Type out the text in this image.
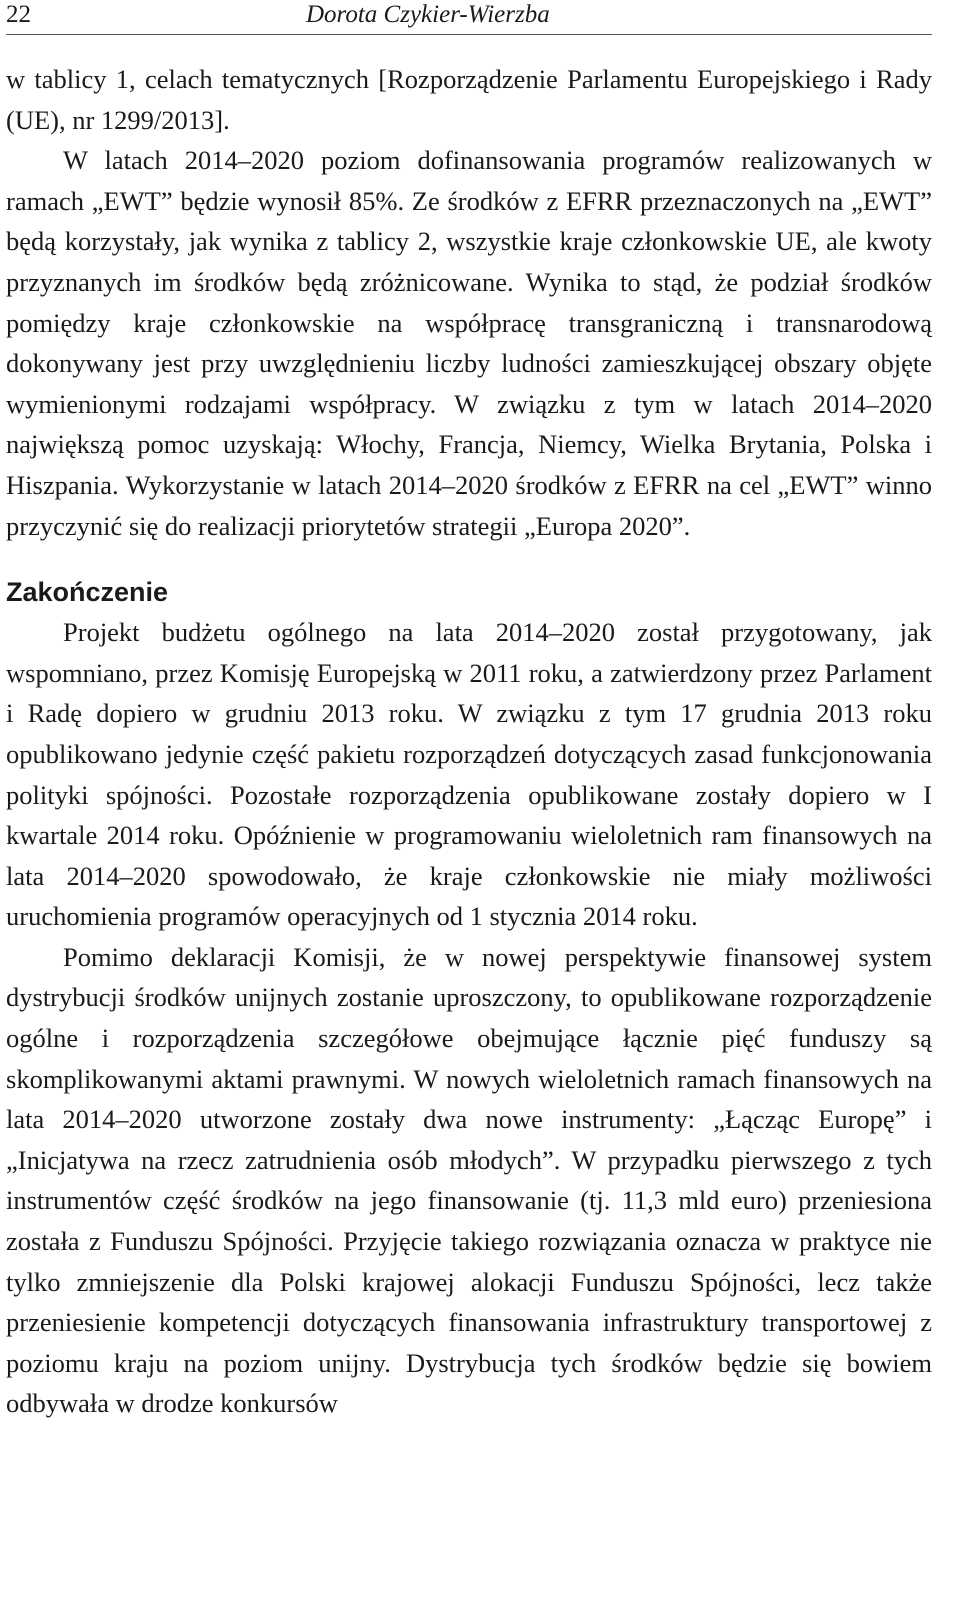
22	Dorota Czykier-Wierzba

w tablicy 1, celach tematycznych [Rozporządzenie Parlamentu Europejskiego i Rady (UE), nr 1299/2013].

W latach 2014–2020 poziom dofinansowania programów realizowanych w ramach „EWT” będzie wynosił 85%. Ze środków z EFRR przeznaczonych na „EWT” będą korzystały, jak wynika z tablicy 2, wszystkie kraje członkowskie UE, ale kwoty przyznanych im środków będą zróżnicowane. Wynika to stąd, że podział środków pomiędzy kraje członkowskie na współpracę transgraniczną i transnarodową dokonywany jest przy uwzględnieniu liczby ludności zamieszkującej obszary objęte wymienionymi rodzajami współpracy. W związku z tym w latach 2014–2020 największą pomoc uzyskają: Włochy, Francja, Niemcy, Wielka Brytania, Polska i Hiszpania. Wykorzystanie w latach 2014–2020 środków z EFRR na cel „EWT” winno przyczynić się do realizacji priorytetów strategii „Europa 2020”.

Zakończenie

Projekt budżetu ogólnego na lata 2014–2020 został przygotowany, jak wspomniano, przez Komisję Europejską w 2011 roku, a zatwierdzony przez Parlament i Radę dopiero w grudniu 2013 roku. W związku z tym 17 grudnia 2013 roku opublikowano jedynie część pakietu rozporządzeń dotyczących zasad funkcjonowania polityki spójności. Pozostałe rozporządzenia opublikowane zostały dopiero w I kwartale 2014 roku. Opóźnienie w programowaniu wieloletnich ram finansowych na lata 2014–2020 spowodowało, że kraje członkowskie nie miały możliwości uruchomienia programów operacyjnych od 1 stycznia 2014 roku.

Pomimo deklaracji Komisji, że w nowej perspektywie finansowej system dystrybucji środków unijnych zostanie uproszczony, to opublikowane rozporządzenie ogólne i rozporządzenia szczegółowe obejmujące łącznie pięć funduszy są skomplikowanymi aktami prawnymi. W nowych wieloletnich ramach finansowych na lata 2014–2020 utworzone zostały dwa nowe instrumenty: „Łącząc Europę” i „Inicjatywa na rzecz zatrudnienia osób młodych”. W przypadku pierwszego z tych instrumentów część środków na jego finansowanie (tj. 11,3 mld euro) przeniesiona została z Funduszu Spójności. Przyjęcie takiego rozwiązania oznacza w praktyce nie tylko zmniejszenie dla Polski krajowej alokacji Funduszu Spójności, lecz także przeniesienie kompetencji dotyczących finansowania infrastruktury transportowej z poziomu kraju na poziom unijny. Dystrybucja tych środków będzie się bowiem odbywała w drodze konkursów
